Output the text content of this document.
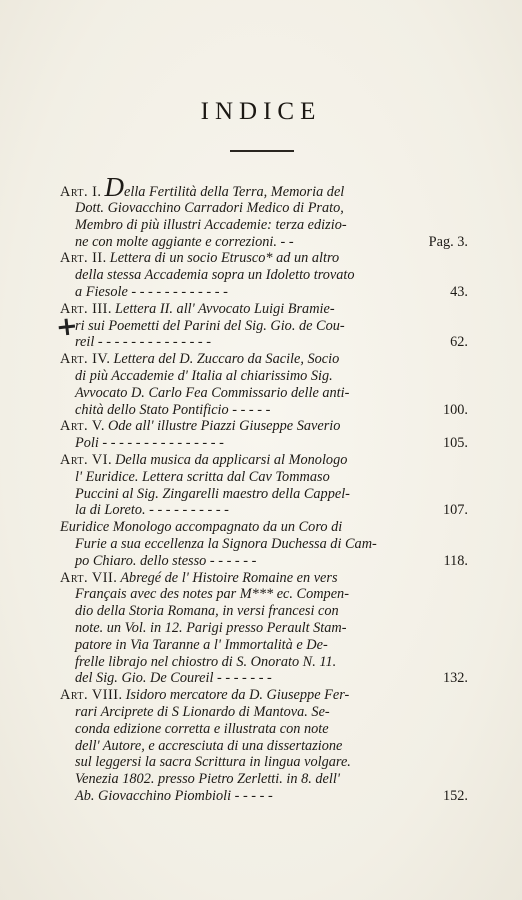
INDICE
+
Art. I. Della Fertilità della Terra, Memoria del
Dott. Giovacchino Carradori Medico di Prato,
Membro di più illustri Accademie: terza edizio-
ne con molte aggiante e correzioni. - -	Pag. 3.
Art. II. Lettera di un socio Etrusco* ad un altro
della stessa Accademia sopra un Idoletto trovato
a Fiesole - - - - - - - - - - - -	43.
Art. III. Lettera II. all' Avvocato Luigi Bramie-
ri sui Poemetti del Parini del Sig. Gio. de Cou-
reil - - - - - - - - - - - - - -	62.
Art. IV. Lettera del D. Zuccaro da Sacile, Socio
di più Accademie d' Italia al chiarissimo Sig.
Avvocato D. Carlo Fea Commissario delle anti-
chità dello Stato Pontificio - - - - -	100.
Art. V. Ode all' illustre Piazzi Giuseppe Saverio
Poli - - - - - - - - - - - - - - -	105.
Art. VI. Della musica da applicarsi al Monologo
l' Euridice. Lettera scritta dal Cav Tommaso
Puccini al Sig. Zingarelli maestro della Cappel-
la di Loreto. - - - - - - - - - -	107.
Euridice Monologo accompagnato da un Coro di
Furie a sua eccellenza la Signora Duchessa di Cam-
po Chiaro. dello stesso - - - - - -	118.
Art. VII. Abregé de l' Histoire Romaine en vers
Français avec des notes par M*** ec. Compen-
dio della Storia Romana, in versi francesi con
note. un Vol. in 12. Parigi presso Perault Stam-
patore in Via Taranne a l' Immortalità e De-
frelle librajo nel chiostro di S. Onorato N. 11.
del Sig. Gio. De Coureil - - - - - - -	132.
Art. VIII. Isidoro mercatore da D. Giuseppe Fer-
rari Arciprete di S Lionardo di Mantova. Se-
conda edizione corretta e illustrata con note
dell' Autore, e accresciuta di una dissertazione
sul leggersi la sacra Scrittura in lingua volgare.
Venezia 1802. presso Pietro Zerletti. in 8. dell'
Ab. Giovacchino Piombioli - - - - -	152.
